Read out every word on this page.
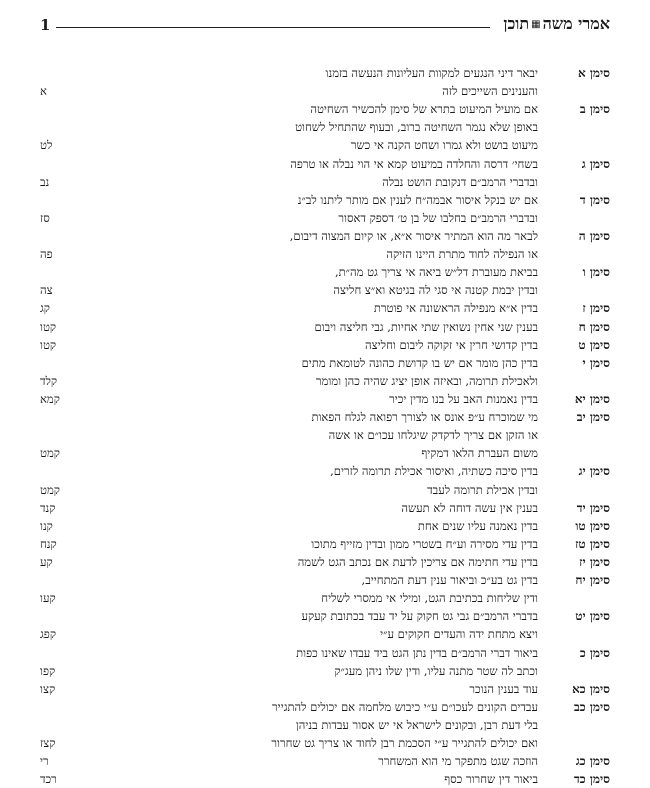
1	אמרי משה▦תוכן
סימן א
יבאר דיני הנגעים למקוות העליונות הנעשה בזמנו
והענינים השייכים לזה
א
סימן ב
אם מועיל המיעוט בתרא של סימן להכשיר השחיטה
באופן שלא נגמר השחיטה ברוב, ובעוף שהתחיל לשחוט
מיעוט בושט ולא גמרו ושחט הקנה אי כשר
לט
סימן ג
בשחי׳ דרסה והחלדה במיעוט קמא אי הוי נבלה או טרפה
ובדברי הרמב״ם דנקובת הושט נבלה
נב
סימן ד
אם יש בנקל איסור אבמה״ח לענין אם מותר ליתנו לב״נ
ובדברי הרמב״ם בחלבו של בן ט׳ דספק דאסור
סז
סימן ה
לבאר מה הוא המתיר איסור א״א, או קיום המצוה דיבום,
או הנפילה לחוד מתרת היינו הזיקה
פה
סימן ו
בביאת מעוברת דל״ש ביאה אי צריך גט מה״ת,
ובדין יבמת קטנה אי סגי לה בגיטא וא״צ חליצה
צה
סימן ז
בדין א״א מנפילה הראשונה אי פוטרת
קג
סימן ח
בענין שני אחין נשואין שתי אחיות, גבי חליצה ויבום
קטו
סימן ט
בדין קדושי חרין אי זקוקה ליבום וחליצה
קטו
סימן י
בדין כהן מומר אם יש בו קדושת כהונה לטומאת מתים
ולאכילת תרומה, ובאיזה אופן יציג שהיה כהן ומומר
קלד
סימן יא
בדין נאמנות האב על בנו מדין יכיר
קמא
סימן יב
מי שמוכרח ע״פ אונס או לצורך רפואה לגלח הפאות
או הזקן אם צריך לדקדק שיגלחו עכו״ם או אשה
משום העברת הלאו דמקיף
קמט
סימן יג
בדין סיכה כשתיה, ואיסור אכילת תרומה לזרים,
ובדין אכילת תרומה לעבד
קמט
סימן יד
בענין אין עשה דוחה לא תעשה
קנד
סימן טו
בדין נאמנה עליו שנים אחת
קנו
סימן טז
בדין עדי מסירה וע״ח בשטרי ממון ובדין מזייף מתוכו
קנח
סימן יז
בדין עדי חתימה אם צריכין לדעת אם נכתב הגט לשמה
קע
סימן יח
בדין גט בע״כ וביאור ענין דעת המתחייב,
ודין שליחות בכתיבת הגט, ומילי אי ממסרי לשליח
קעו
סימן יט
בדברי הרמב״ם גבי גט חקוק על יד עבד בכתובת קעקע
ויצא מתחת ידה והעדים חקוקים ע״י
קפג
סימן כ
ביאור דברי הרמב״ם בדין נתן הגט ביד עבדו שאינו כפות
וכתב לה שטר מתנה עליו, ודין שלו ניהן מעג״ק
קפו
סימן כא
עוד בענין הנוכר
קצו
סימן כב
עבדים הקונים לעכו״ם ע״י כיבוש מלחמה אם יכולים להתגייר
בלי דעת רבן, ובקונים לישראל אי יש אסור עבדות בניהן
ואם יכולים להתגייר ע״י הסכמת רבן לחוד או צריך גט שחרור
קצז
סימן כג
הוזכה שגט מתפקר מי הוא המשחרר
רי
סימן כד
ביאור דין שחרור כסף
רכד
